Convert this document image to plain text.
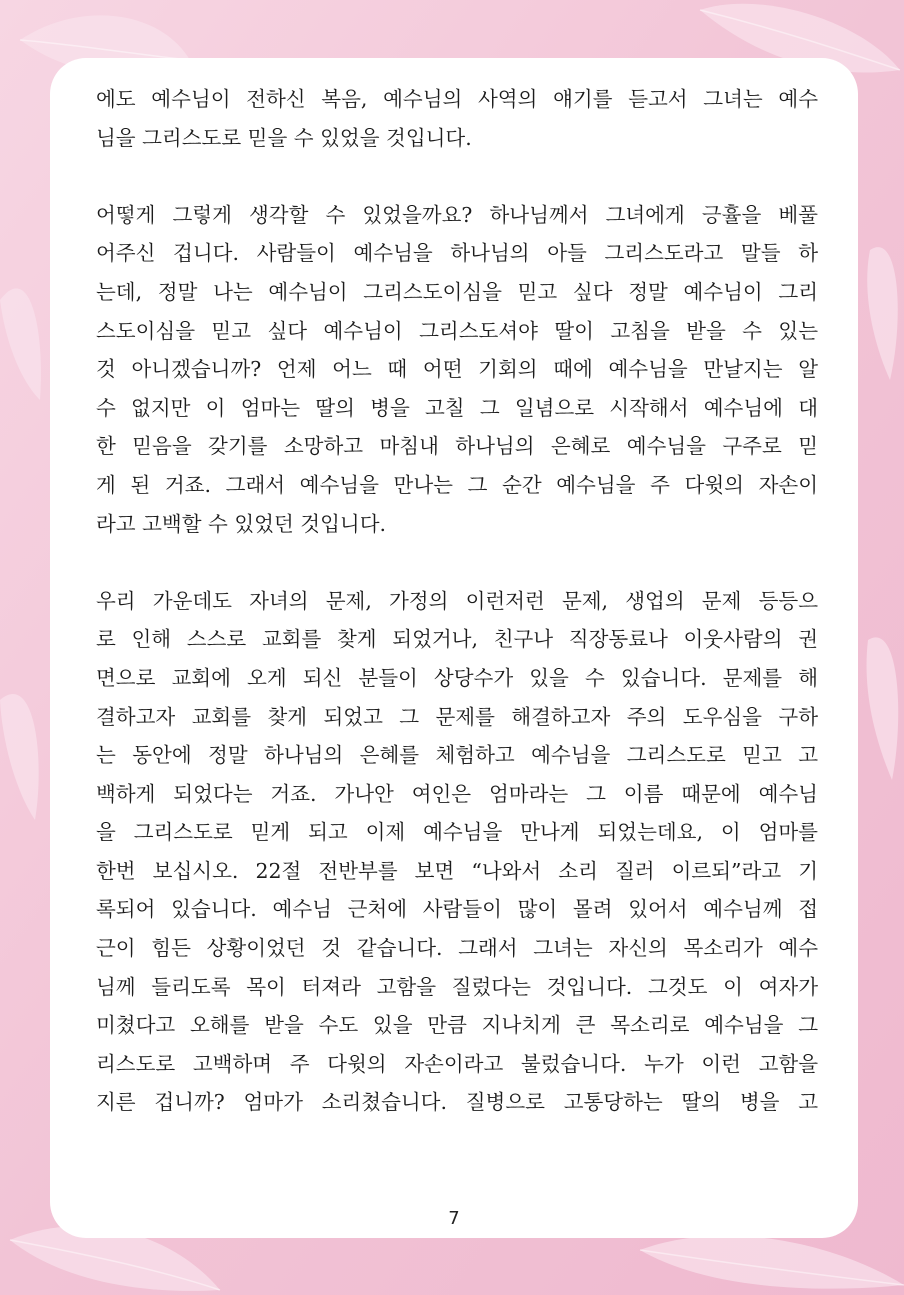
에도 예수님이 전하신 복음, 예수님의 사역의 얘기를 듣고서 그녀는 예수
님을 그리스도로 믿을 수 있었을 것입니다.
어떻게 그렇게 생각할 수 있었을까요? 하나님께서 그녀에게 긍휼을 베풀
어주신 겁니다. 사람들이 예수님을 하나님의 아들 그리스도라고 말들 하
는데, 정말 나는 예수님이 그리스도이심을 믿고 싶다 정말 예수님이 그리
스도이심을 믿고 싶다 예수님이 그리스도셔야 딸이 고침을 받을 수 있는
것 아니겠습니까? 언제 어느 때 어떤 기회의 때에 예수님을 만날지는 알
수 없지만 이 엄마는 딸의 병을 고칠 그 일념으로 시작해서 예수님에 대
한 믿음을 갖기를 소망하고 마침내 하나님의 은혜로 예수님을 구주로 믿
게 된 거죠. 그래서 예수님을 만나는 그 순간 예수님을 주 다윗의 자손이
라고 고백할 수 있었던 것입니다.
우리 가운데도 자녀의 문제, 가정의 이런저런 문제, 생업의 문제 등등으
로 인해 스스로 교회를 찾게 되었거나, 친구나 직장동료나 이웃사람의 권
면으로 교회에 오게 되신 분들이 상당수가 있을 수 있습니다. 문제를 해
결하고자 교회를 찾게 되었고 그 문제를 해결하고자 주의 도우심을 구하
는 동안에 정말 하나님의 은혜를 체험하고 예수님을 그리스도로 믿고 고
백하게 되었다는 거죠. 가나안 여인은 엄마라는 그 이름 때문에 예수님
을 그리스도로 믿게 되고 이제 예수님을 만나게 되었는데요, 이 엄마를
한번 보십시오. 22절 전반부를 보면 “나와서 소리 질러 이르되”라고 기
록되어 있습니다. 예수님 근처에 사람들이 많이 몰려 있어서 예수님께 접
근이 힘든 상황이었던 것 같습니다. 그래서 그녀는 자신의 목소리가 예수
님께 들리도록 목이 터져라 고함을 질렀다는 것입니다. 그것도 이 여자가
미쳤다고 오해를 받을 수도 있을 만큼 지나치게 큰 목소리로 예수님을 그
리스도로 고백하며 주 다윗의 자손이라고 불렀습니다. 누가 이런 고함을
지른 겁니까? 엄마가 소리쳤습니다. 질병으로 고통당하는 딸의 병을 고
7
